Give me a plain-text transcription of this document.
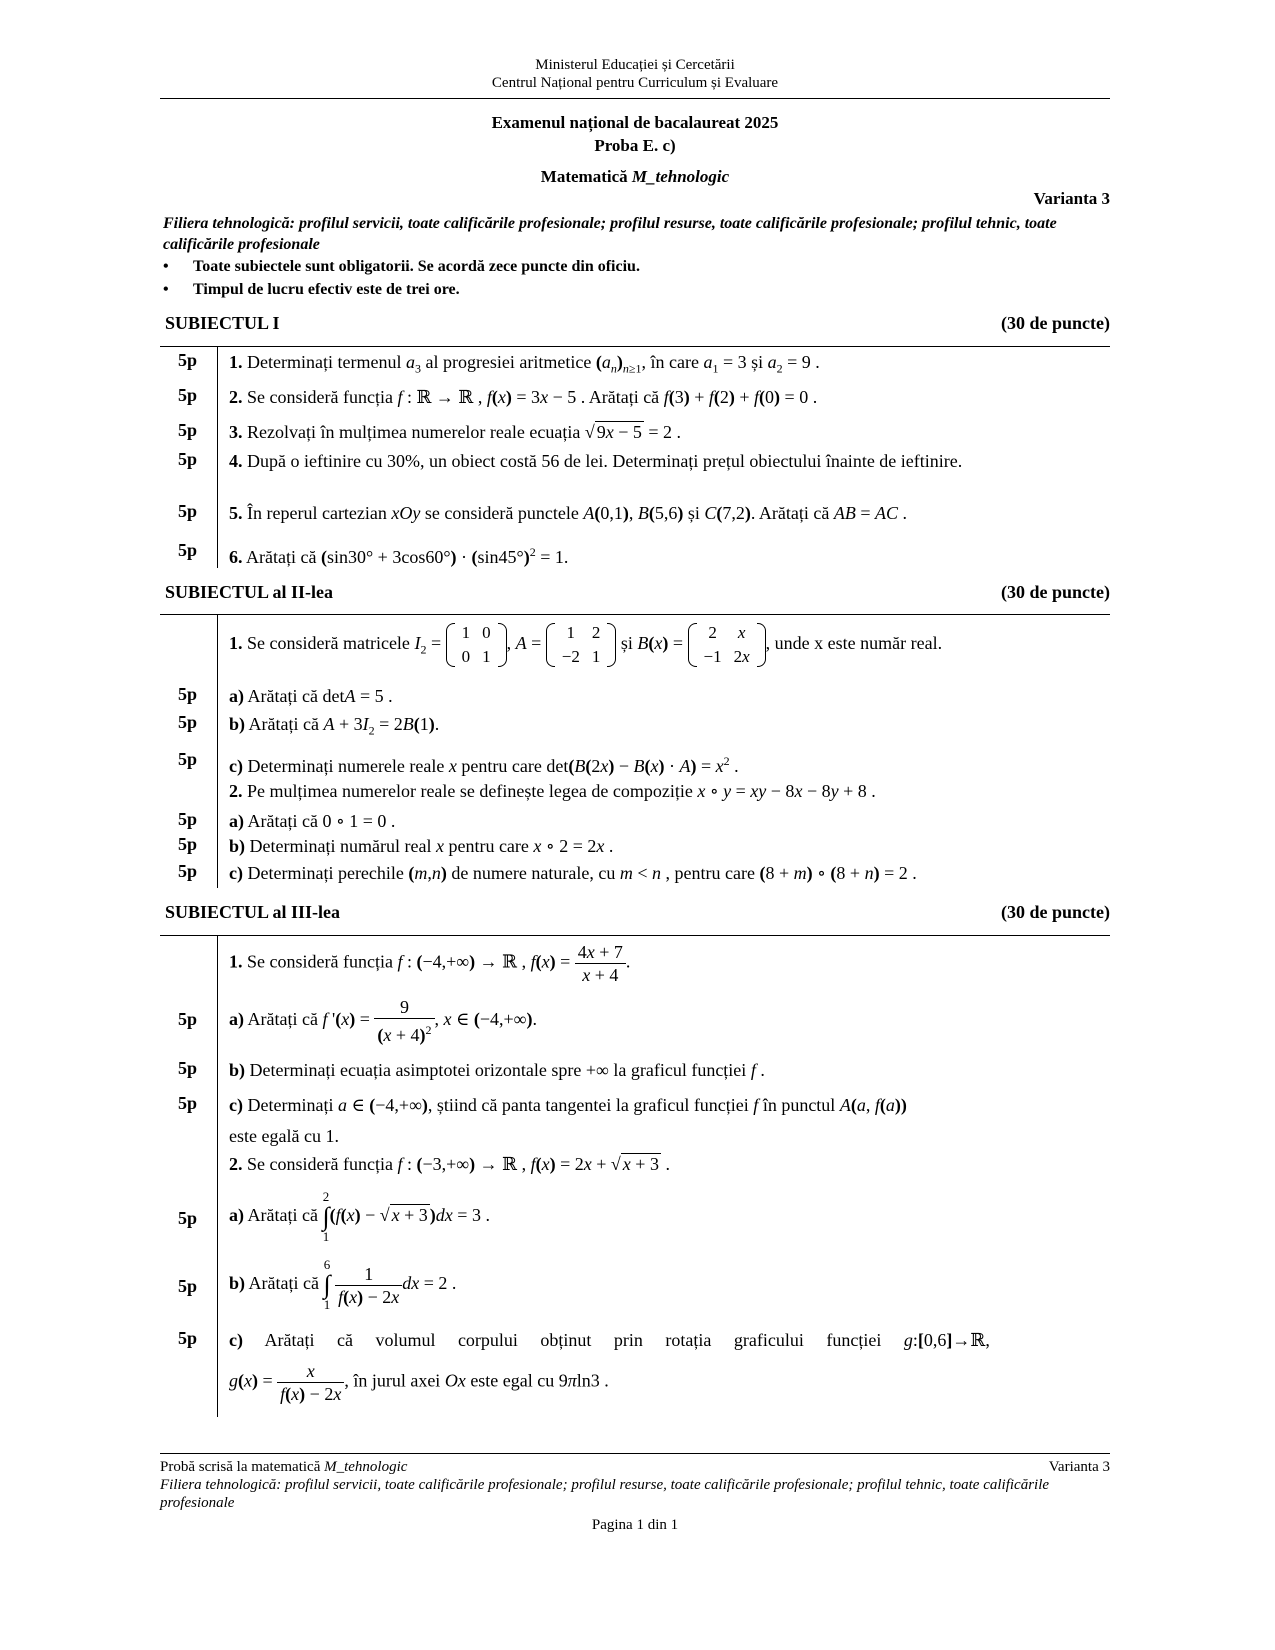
Ministerul Educației și Cercetării
Centrul Național pentru Curriculum și Evaluare
Examenul național de bacalaureat 2025
Proba E. c)
Matematică M_tehnologic
Varianta 3
Filiera tehnologică: profilul servicii, toate calificările profesionale; profilul resurse, toate calificările profesionale; profilul tehnic, toate calificările profesionale
• Toate subiectele sunt obligatorii. Se acordă zece puncte din oficiu.
• Timpul de lucru efectiv este de trei ore.
SUBIECTUL I	(30 de puncte)
5p 1. Determinați termenul $a_3$ al progresiei aritmetice $(a_n)_{n\ge 1}$, în care $a_1 = 3$ și $a_2 = 9$ .
5p 2. Se consideră funcția f : ℝ → ℝ , f(x) = 3x − 5 . Arătați că f(3) + f(2) + f(0) = 0 .
5p 3. Rezolvați în mulțimea numerelor reale ecuația √ 9x − 5 = 2 .
5p 4. După o ieftinire cu 30%, un obiect costă 56 de lei. Determinați prețul obiectului înainte de ieftinire.
5p 5. În reperul cartezian xOy se consideră punctele A(0,1), B(5,6) și C(7,2). Arătați că AB = AC .
5p 6. Arătați că $(\sin 30^\circ + 3\cos 60^\circ) \cdot (\sin 45^\circ)^2 = 1$.
SUBIECTUL al II-lea	(30 de puncte)
1. Se consideră matricele $I_2$ =
1	0
0	1
, A =
1	2
−2	1
și B(x) =
2	x
−1	2x
, unde x este număr real.
5p a) Arătați că detA = 5 .
5p b) Arătați că $A + 3I_2 = 2B(1)$.
5p c) Determinați numerele reale x pentru care $\det(B(2x) - B(x) \cdot A) = x^2$ .
2. Pe mulțimea numerelor reale se definește legea de compoziție x ∘ y = xy − 8x − 8y + 8 .
5p a) Arătați că 0 ∘ 1 = 0 .
5p b) Determinați numărul real x pentru care x ∘ 2 = 2x .
5p c) Determinați perechile (m,n) de numere naturale, cu m < n , pentru care (8 + m) ∘ (8 + n) = 2 .
SUBIECTUL al III-lea	(30 de puncte)
1. Se consideră funcția f : (−4,+∞) → ℝ , $f(x) = \frac{4x + 7}{x + 4}$ .
5p a) Arătați că f '$(x) = \frac{9}{(x + 4)^2}$ , x ∈ (−4,+∞).
5p b) Determinați ecuația asimptotei orizontale spre +∞ la graficul funcției f .
5p c) Determinați a ∈ (−4,+∞), știind că panta tangentei la graficul funcției f în punctul A(a, f(a))
este egală cu 1.
2. Se consideră funcția f : (−3,+∞) → ℝ , f(x) = 2x + √ x + 3 .
5p a) Arătați că 2
∫
1(f(x) − √ x + 3 )dx = 3 .
5p b) Arătați că 6
∫
$1 \frac{1}{f(x) - 2x}$ dx = 2 .
5p c) Arătați că volumul corpului obținut prin rotația graficului funcției g:[0,6]→ℝ,
$g(x) = \frac{x}{f(x) - 2x}$ , în jurul axei Ox este egal cu 9πln3 .
Probă scrisă la matematică M_tehnologic	Varianta 3
Filiera tehnologică: profilul servicii, toate calificările profesionale; profilul resurse, toate calificările profesionale; profilul tehnic, toate calificările profesionale
Pagina 1 din 1
